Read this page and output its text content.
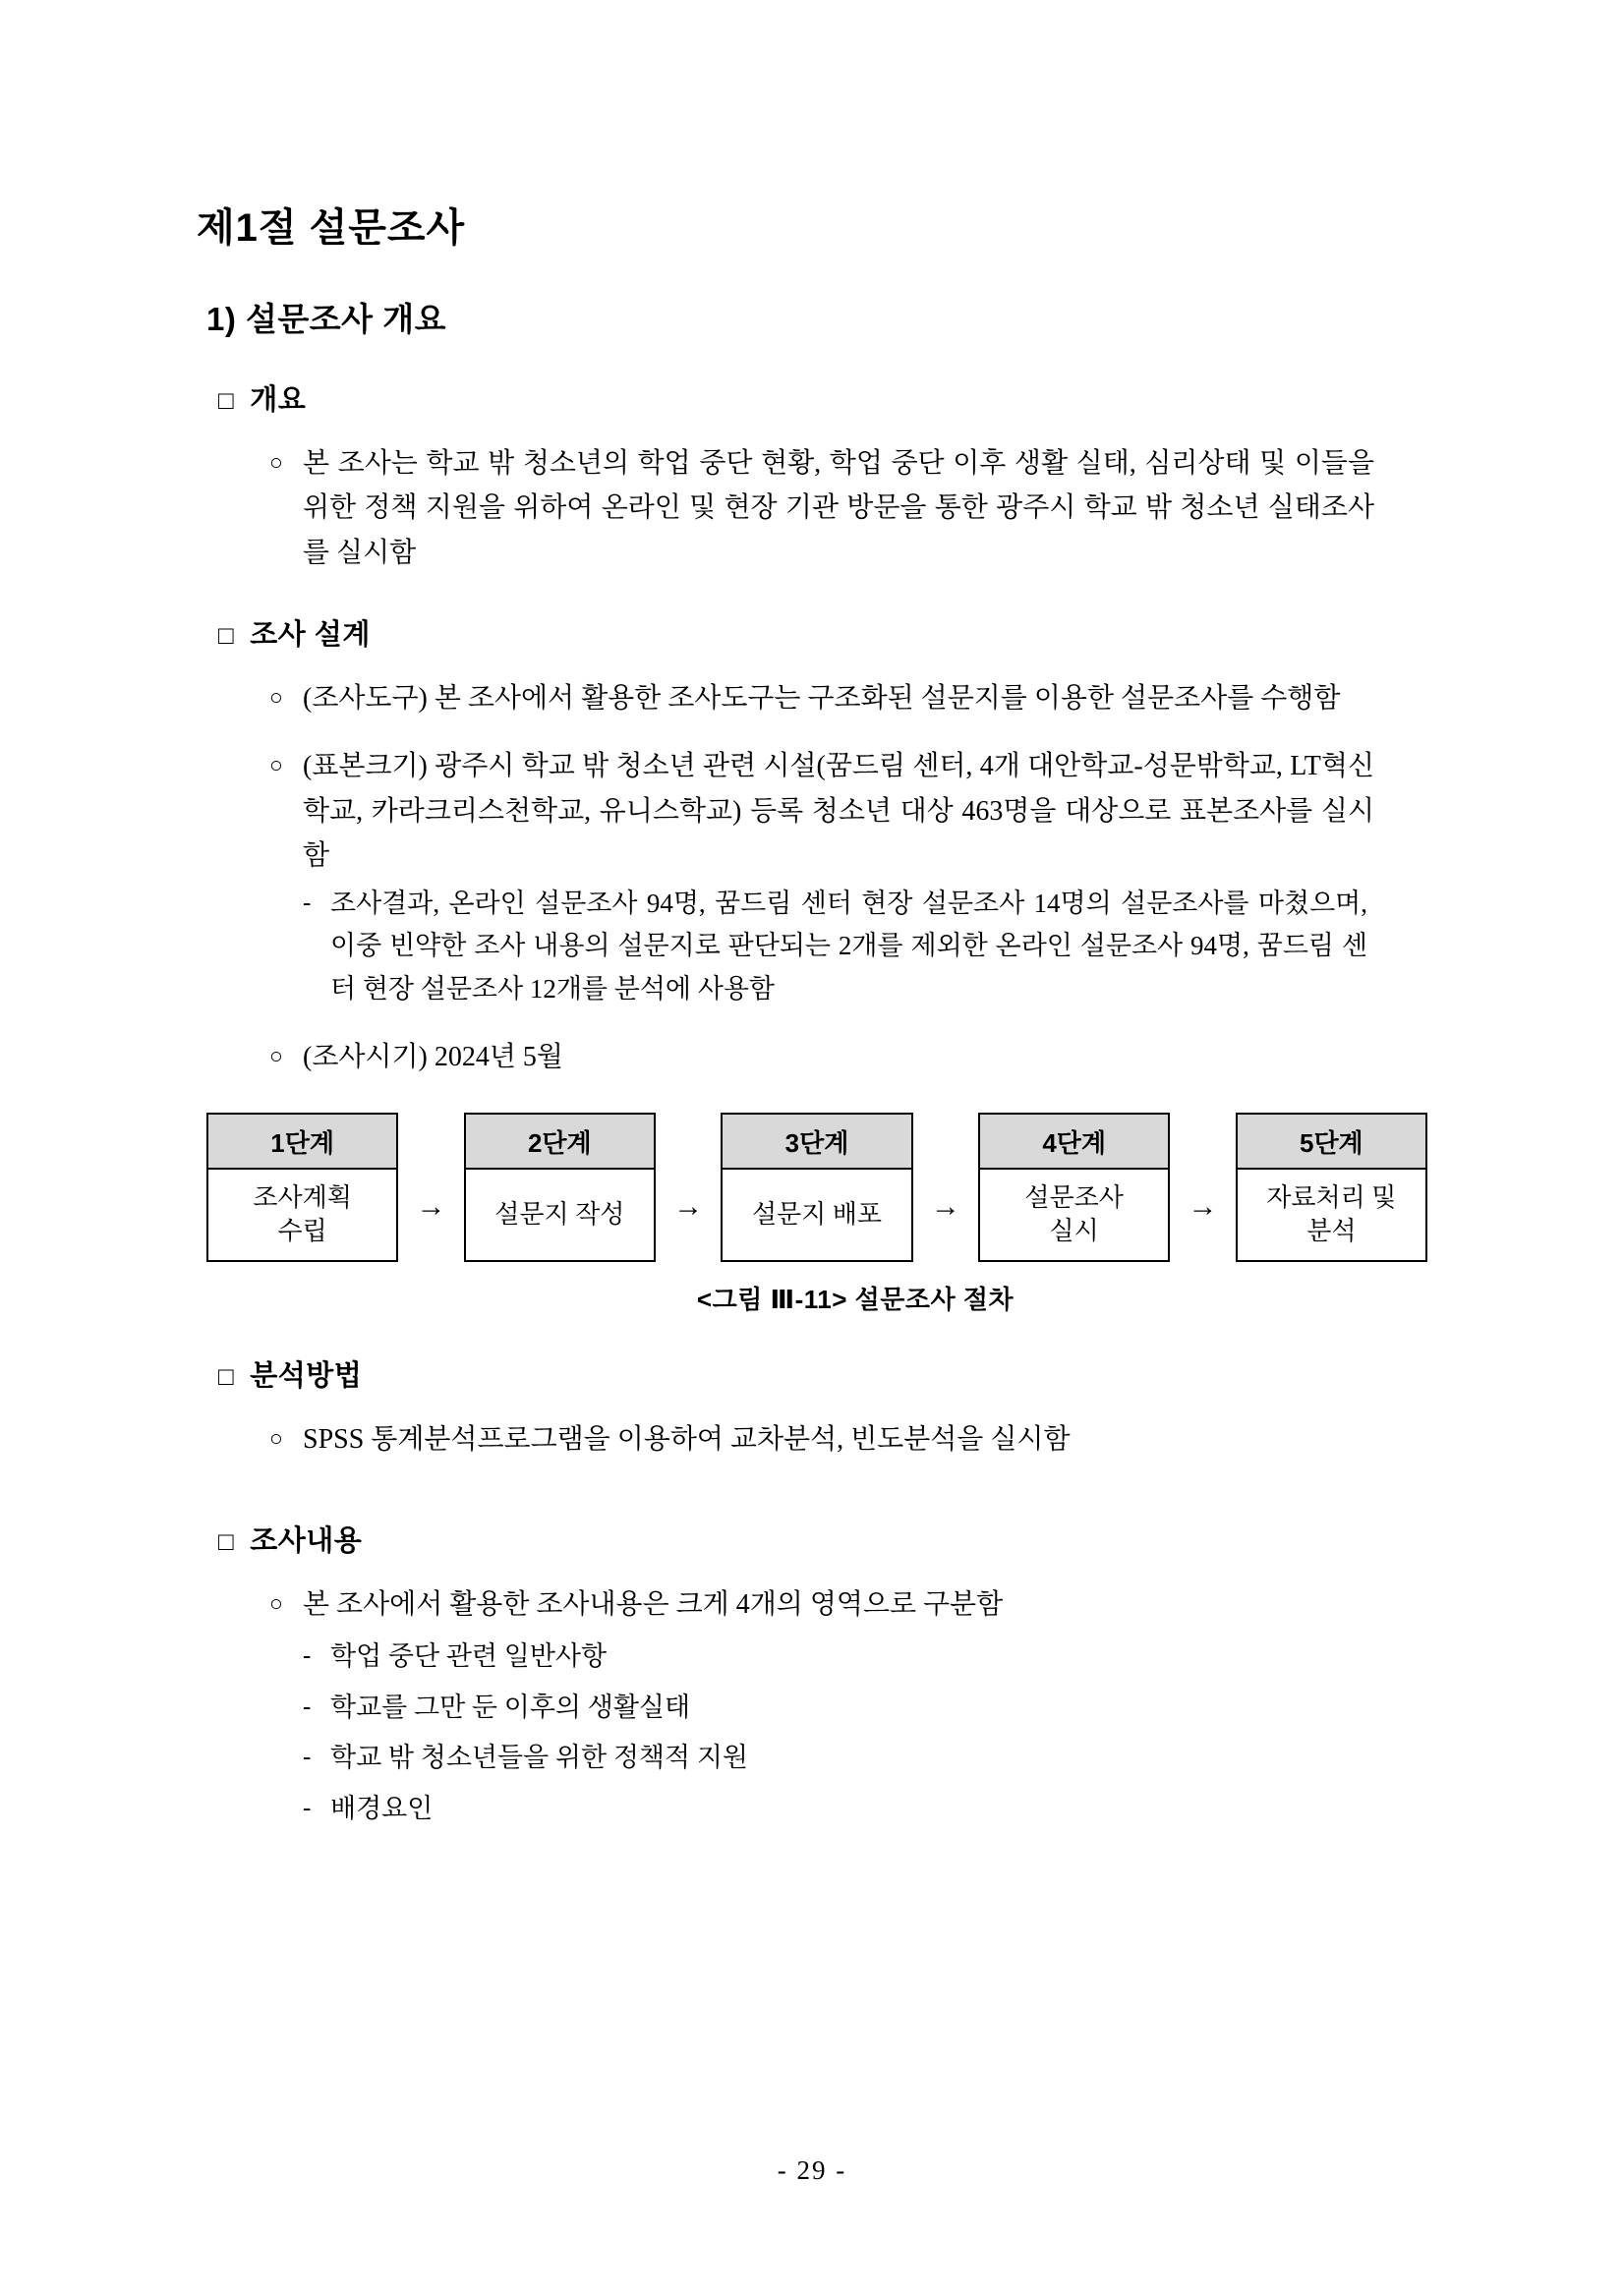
제1절 설문조사
1) 설문조사 개요
□ 개요
○ 본 조사는 학교 밖 청소년의 학업 중단 현황, 학업 중단 이후 생활 실태, 심리상태 및 이들을 위한 정책 지원을 위하여 온라인 및 현장 기관 방문을 통한 광주시 학교 밖 청소년 실태조사를 실시함
□ 조사 설계
○ (조사도구) 본 조사에서 활용한 조사도구는 구조화된 설문지를 이용한 설문조사를 수행함
○ (표본크기) 광주시 학교 밖 청소년 관련 시설(꿈드림 센터, 4개 대안학교-성문밖학교, LT혁신학교, 카라크리스천학교, 유니스학교) 등록 청소년 대상 463명을 대상으로 표본조사를 실시함
- 조사결과, 온라인 설문조사 94명, 꿈드림 센터 현장 설문조사 14명의 설문조사를 마쳤으며, 이중 빈약한 조사 내용의 설문지로 판단되는 2개를 제외한 온라인 설문조사 94명, 꿈드림 센터 현장 설문조사 12개를 분석에 사용함
○ (조사시기) 2024년 5월
1단계
조사계획
수립
→
2단계
설문지 작성	→
3단계
설문지 배포	→
4단계
설문조사
실시
→
5단계
자료처리 및
분석
<그림 Ⅲ-11> 설문조사 절차
□ 분석방법
○ SPSS 통계분석프로그램을 이용하여 교차분석, 빈도분석을 실시함
□ 조사내용
○ 본 조사에서 활용한 조사내용은 크게 4개의 영역으로 구분함
- 학업 중단 관련 일반사항
- 학교를 그만 둔 이후의 생활실태
- 학교 밖 청소년들을 위한 정책적 지원
- 배경요인
- 29 -
